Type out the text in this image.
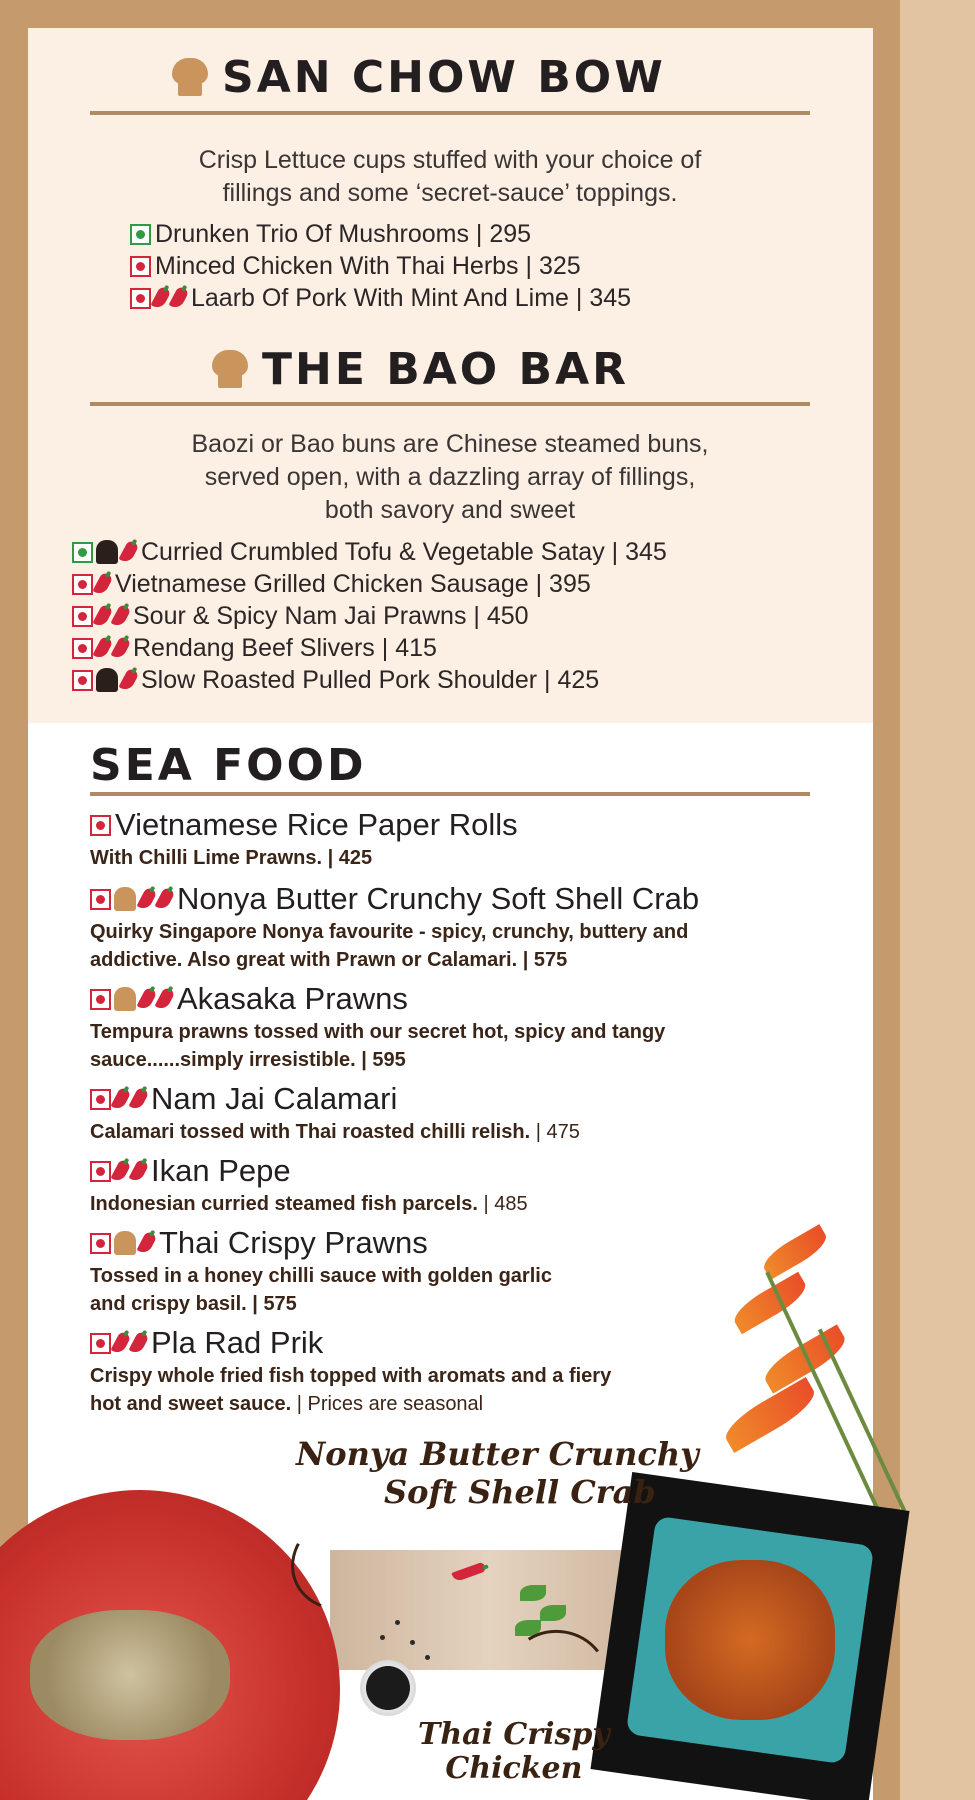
SAN CHOW BOW
Crisp Lettuce cups stuffed with your choice of
fillings and some ‘secret-sauce’ toppings.
Drunken Trio Of Mushrooms | 295
Minced Chicken With Thai Herbs | 325
Laarb Of Pork With Mint And Lime | 345
THE BAO BAR
Baozi or Bao buns are Chinese steamed buns,
served open, with a dazzling array of fillings,
both savory and sweet
Curried Crumbled Tofu & Vegetable Satay | 345
Vietnamese Grilled Chicken Sausage | 395
Sour & Spicy Nam Jai Prawns | 450
Rendang Beef Slivers | 415
Slow Roasted Pulled Pork Shoulder | 425
SEA FOOD
Vietnamese Rice Paper Rolls
With Chilli Lime Prawns. | 425
Nonya Butter Crunchy Soft Shell Crab
Quirky Singapore Nonya favourite - spicy, crunchy, buttery and
addictive. Also great with Prawn or Calamari. | 575
Akasaka Prawns
Tempura prawns tossed with our secret hot, spicy and tangy
sauce......simply irresistible. | 595
Nam Jai Calamari
Calamari tossed with Thai roasted chilli relish. | 475
Ikan Pepe
Indonesian curried steamed fish parcels. | 485
Thai Crispy Prawns
Tossed in a honey chilli sauce with golden garlic
and crispy basil. | 575
Pla Rad Prik
Crispy whole fried fish topped with aromats and a fiery
hot and sweet sauce. | Prices are seasonal
Nonya Butter Crunchy
Soft Shell Crab
Thai Crispy
Chicken
